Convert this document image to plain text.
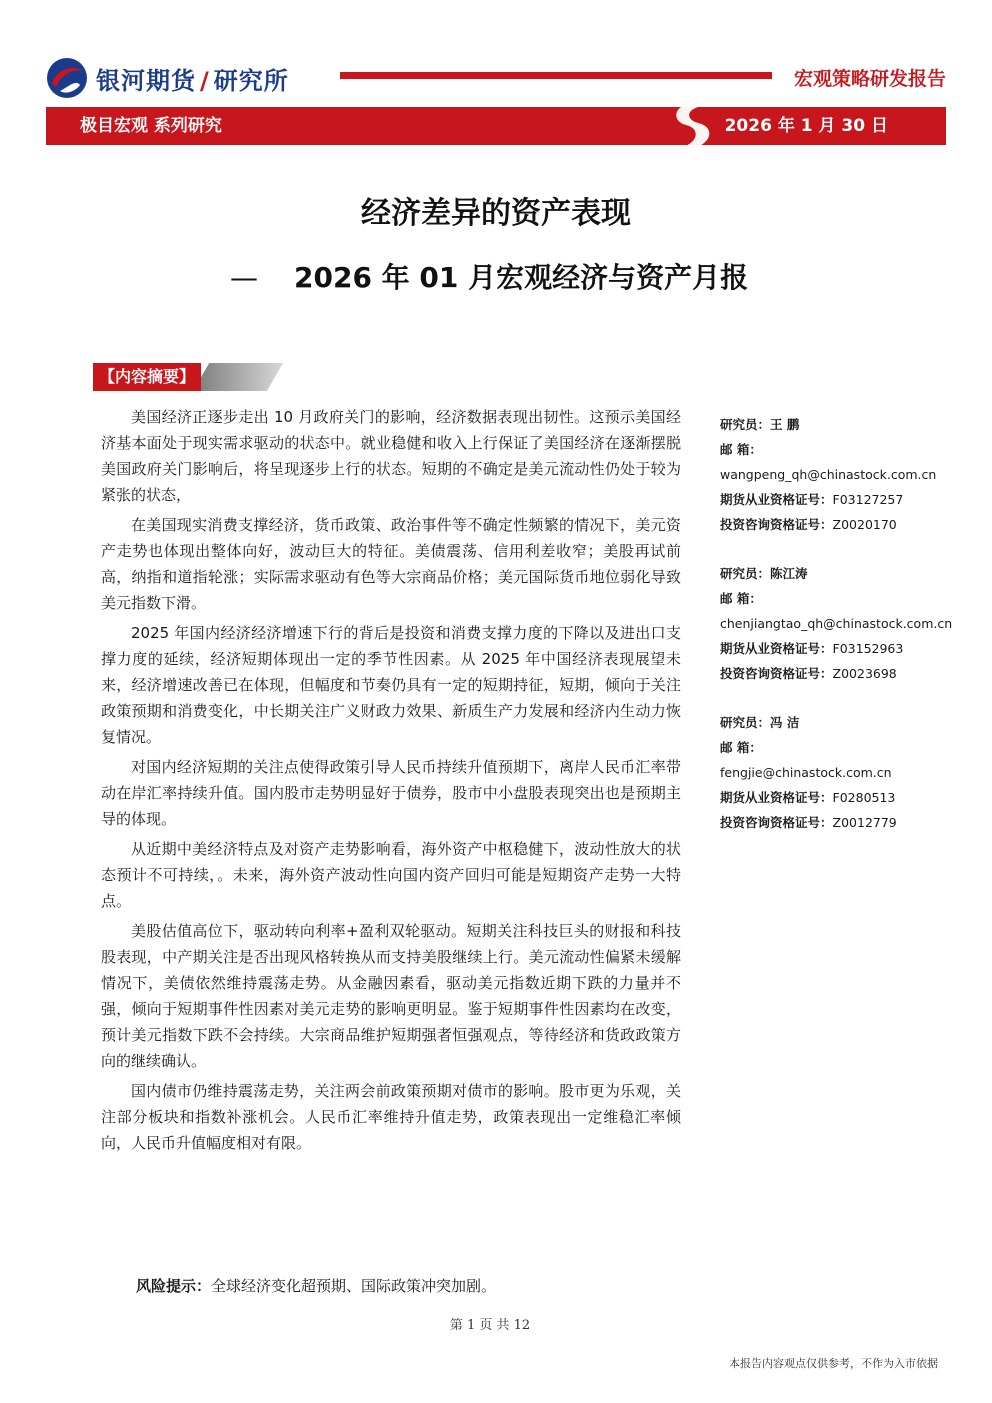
银河期货 / 研究所	宏观策略研发报告
极目宏观 系列研究	2026 年 1 月 30 日
经济差异的资产表现
— 2026 年 01 月宏观经济与资产月报
【内容摘要】

美国经济正逐步走出 10 月政府关门的影响，经济数据表现出韧性。这预示美国经济基本面处于现实需求驱动的状态中。就业稳健和收入上行保证了美国经济在逐渐摆脱美国政府关门影响后，将呈现逐步上行的状态。短期的不确定是美元流动性仍处于较为紧张的状态，

在美国现实消费支撑经济，货币政策、政治事件等不确定性频繁的情况下，美元资产走势也体现出整体向好，波动巨大的特征。美债震荡、信用利差收窄；美股再试前高，纳指和道指轮涨；实际需求驱动有色等大宗商品价格；美元国际货币地位弱化导致美元指数下滑。

2025 年国内经济经济增速下行的背后是投资和消费支撑力度的下降以及进出口支撑力度的延续，经济短期体现出一定的季节性因素。从 2025 年中国经济表现展望未来，经济增速改善已在体现，但幅度和节奏仍具有一定的短期持征，短期，倾向于关注政策预期和消费变化，中长期关注广义财政力效果、新质生产力发展和经济内生动力恢复情况。

对国内经济短期的关注点使得政策引导人民币持续升值预期下，离岸人民币汇率带动在岸汇率持续升值。国内股市走势明显好于债券，股市中小盘股表现突出也是预期主导的体现。

从近期中美经济特点及对资产走势影响看，海外资产中枢稳健下，波动性放大的状态预计不可持续，。未来，海外资产波动性向国内资产回归可能是短期资产走势一大特点。

美股估值高位下，驱动转向利率+盈利双轮驱动。短期关注科技巨头的财报和科技股表现，中产期关注是否出现风格转换从而支持美股继续上行。美元流动性偏紧未缓解情况下，美债依然维持震荡走势。从金融因素看，驱动美元指数近期下跌的力量并不强，倾向于短期事件性因素对美元走势的影响更明显。鉴于短期事件性因素均在改变，预计美元指数下跌不会持续。大宗商品维护短期强者恒强观点，等待经济和货政政策方向的继续确认。

国内债市仍维持震荡走势，关注两会前政策预期对债市的影响。股市更为乐观，关注部分板块和指数补涨机会。人民币汇率维持升值走势，政策表现出一定维稳汇率倾向，人民币升值幅度相对有限。

风险提示：全球经济变化超预期、国际政策冲突加剧。
研究员：王 鹏
邮 箱：
wangpeng_qh@chinastock.com.cn
期货从业资格证号：F03127257
投资咨询资格证号：Z0020170
研究员：陈江涛
邮 箱：
chenjiangtao_qh@chinastock.com.cn
期货从业资格证号：F03152963
投资咨询资格证号：Z0023698
研究员：冯 洁
邮 箱：
fengjie@chinastock.com.cn
期货从业资格证号：F0280513
投资咨询资格证号：Z0012779
第 1 页 共 12
本报告内容观点仅供参考，不作为入市依据
